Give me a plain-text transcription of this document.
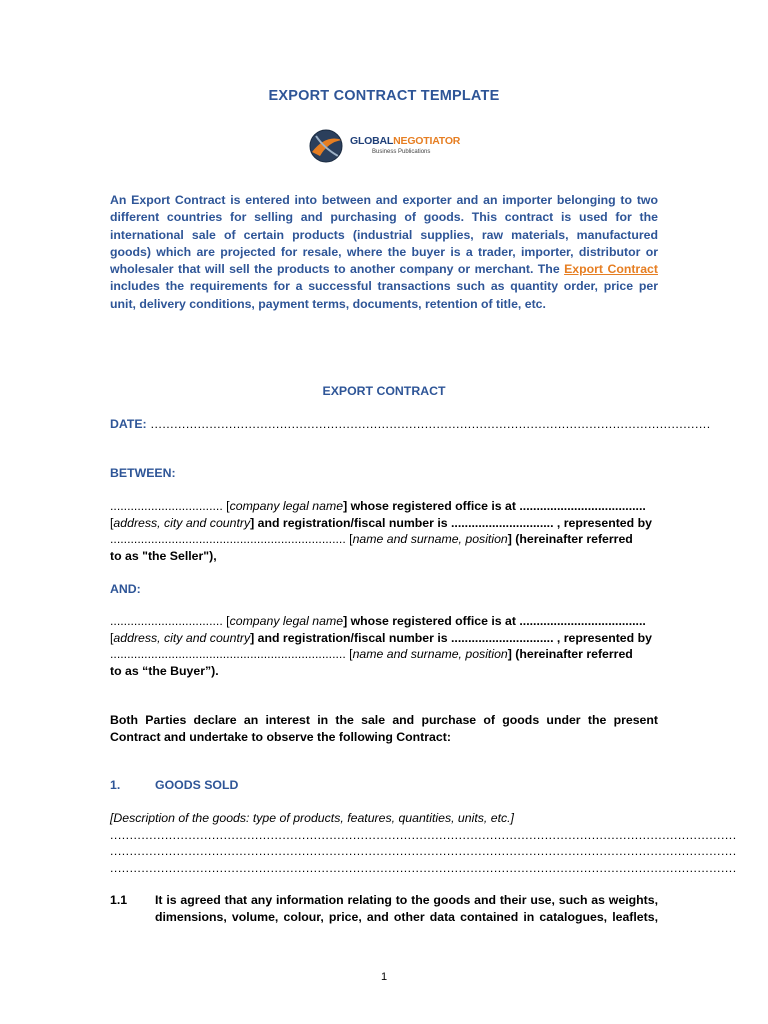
EXPORT CONTRACT TEMPLATE
GLOBALNEGOTIATOR
Business Publications

An Export Contract is entered into between and exporter and an importer belonging to two different countries for selling and purchasing of goods. This contract is used for the international sale of certain products (industrial supplies, raw materials, manufactured goods) which are projected for resale, where the buyer is a trader, importer, distributor or wholesaler that will sell the products to another company or merchant. The Export Contract includes the requirements for a successful transactions such as quantity order, price per unit, delivery conditions, payment terms, documents, retention of title, etc.

EXPORT CONTRACT
DATE: ...............................................................................................................................................
BETWEEN:
................................. [company legal name] whose registered office is at .....................................
[address, city and country] and registration/fiscal number is .............................. , represented by
..................................................................... [name and surname, position] (hereinafter referred
to as "the Seller"),
AND:
................................. [company legal name] whose registered office is at .....................................
[address, city and country] and registration/fiscal number is .............................. , represented by
..................................................................... [name and surname, position] (hereinafter referred
to as “the Buyer”).
Both Parties declare an interest in the sale and purchase of goods under the present Contract and undertake to observe the following Contract:
1.	GOODS SOLD
[Description of the goods: type of products, features, quantities, units, etc.]
................................................................................................................................................................
................................................................................................................................................................
................................................................................................................................................................
1.1 It is agreed that any information relating to the goods and their use, such as weights,
dimensions, volume, colour, price, and other data contained in catalogues, leaflets,
1
